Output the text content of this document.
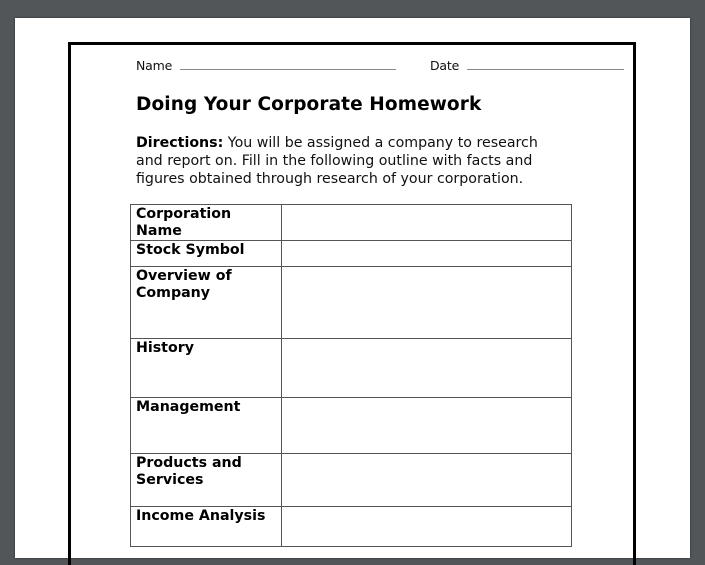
Name	Date
Doing Your Corporate Homework
Directions: You will be assigned a company to research and report on. Fill in the following outline with facts and figures obtained through research of your corporation.
Corporation Name	
Stock Symbol	
Overview of Company	
History	
Management	
Products and Services	
Income Analysis	
